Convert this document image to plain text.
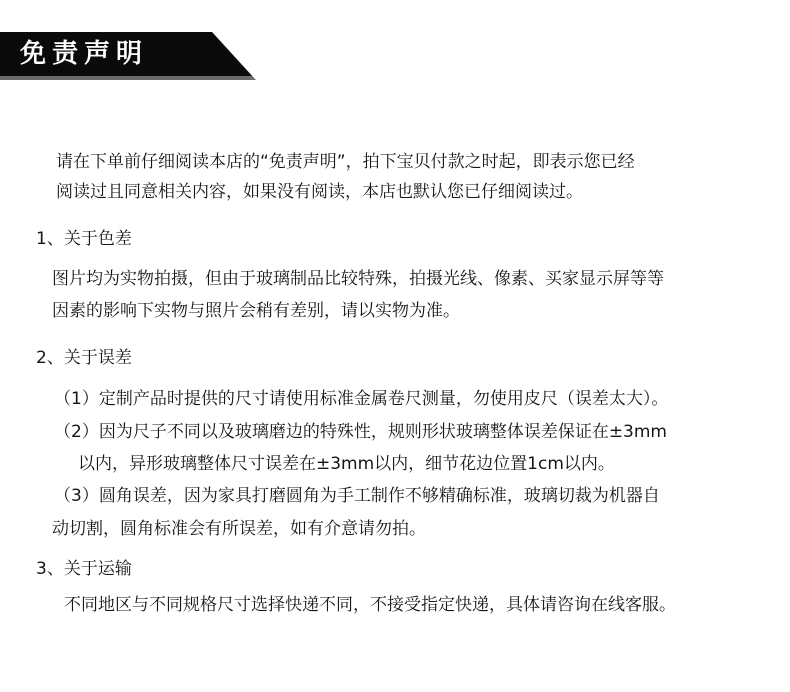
免责声明
请在下单前仔细阅读本店的“免责声明”，拍下宝贝付款之时起，即表示您已经
阅读过且同意相关内容，如果没有阅读，本店也默认您已仔细阅读过。
1、关于色差
图片均为实物拍摄，但由于玻璃制品比较特殊，拍摄光线、像素、买家显示屏等等
因素的影响下实物与照片会稍有差别，请以实物为准。
2、关于误差
（1）定制产品时提供的尺寸请使用标准金属卷尺测量，勿使用皮尺（误差太大）。
（2）因为尺子不同以及玻璃磨边的特殊性，规则形状玻璃整体误差保证在±3mm
以内，异形玻璃整体尺寸误差在±3mm以内，细节花边位置1cm以内。
（3）圆角误差，因为家具打磨圆角为手工制作不够精确标准，玻璃切裁为机器自
动切割，圆角标准会有所误差，如有介意请勿拍。
3、关于运输
不同地区与不同规格尺寸选择快递不同，不接受指定快递，具体请咨询在线客服。
